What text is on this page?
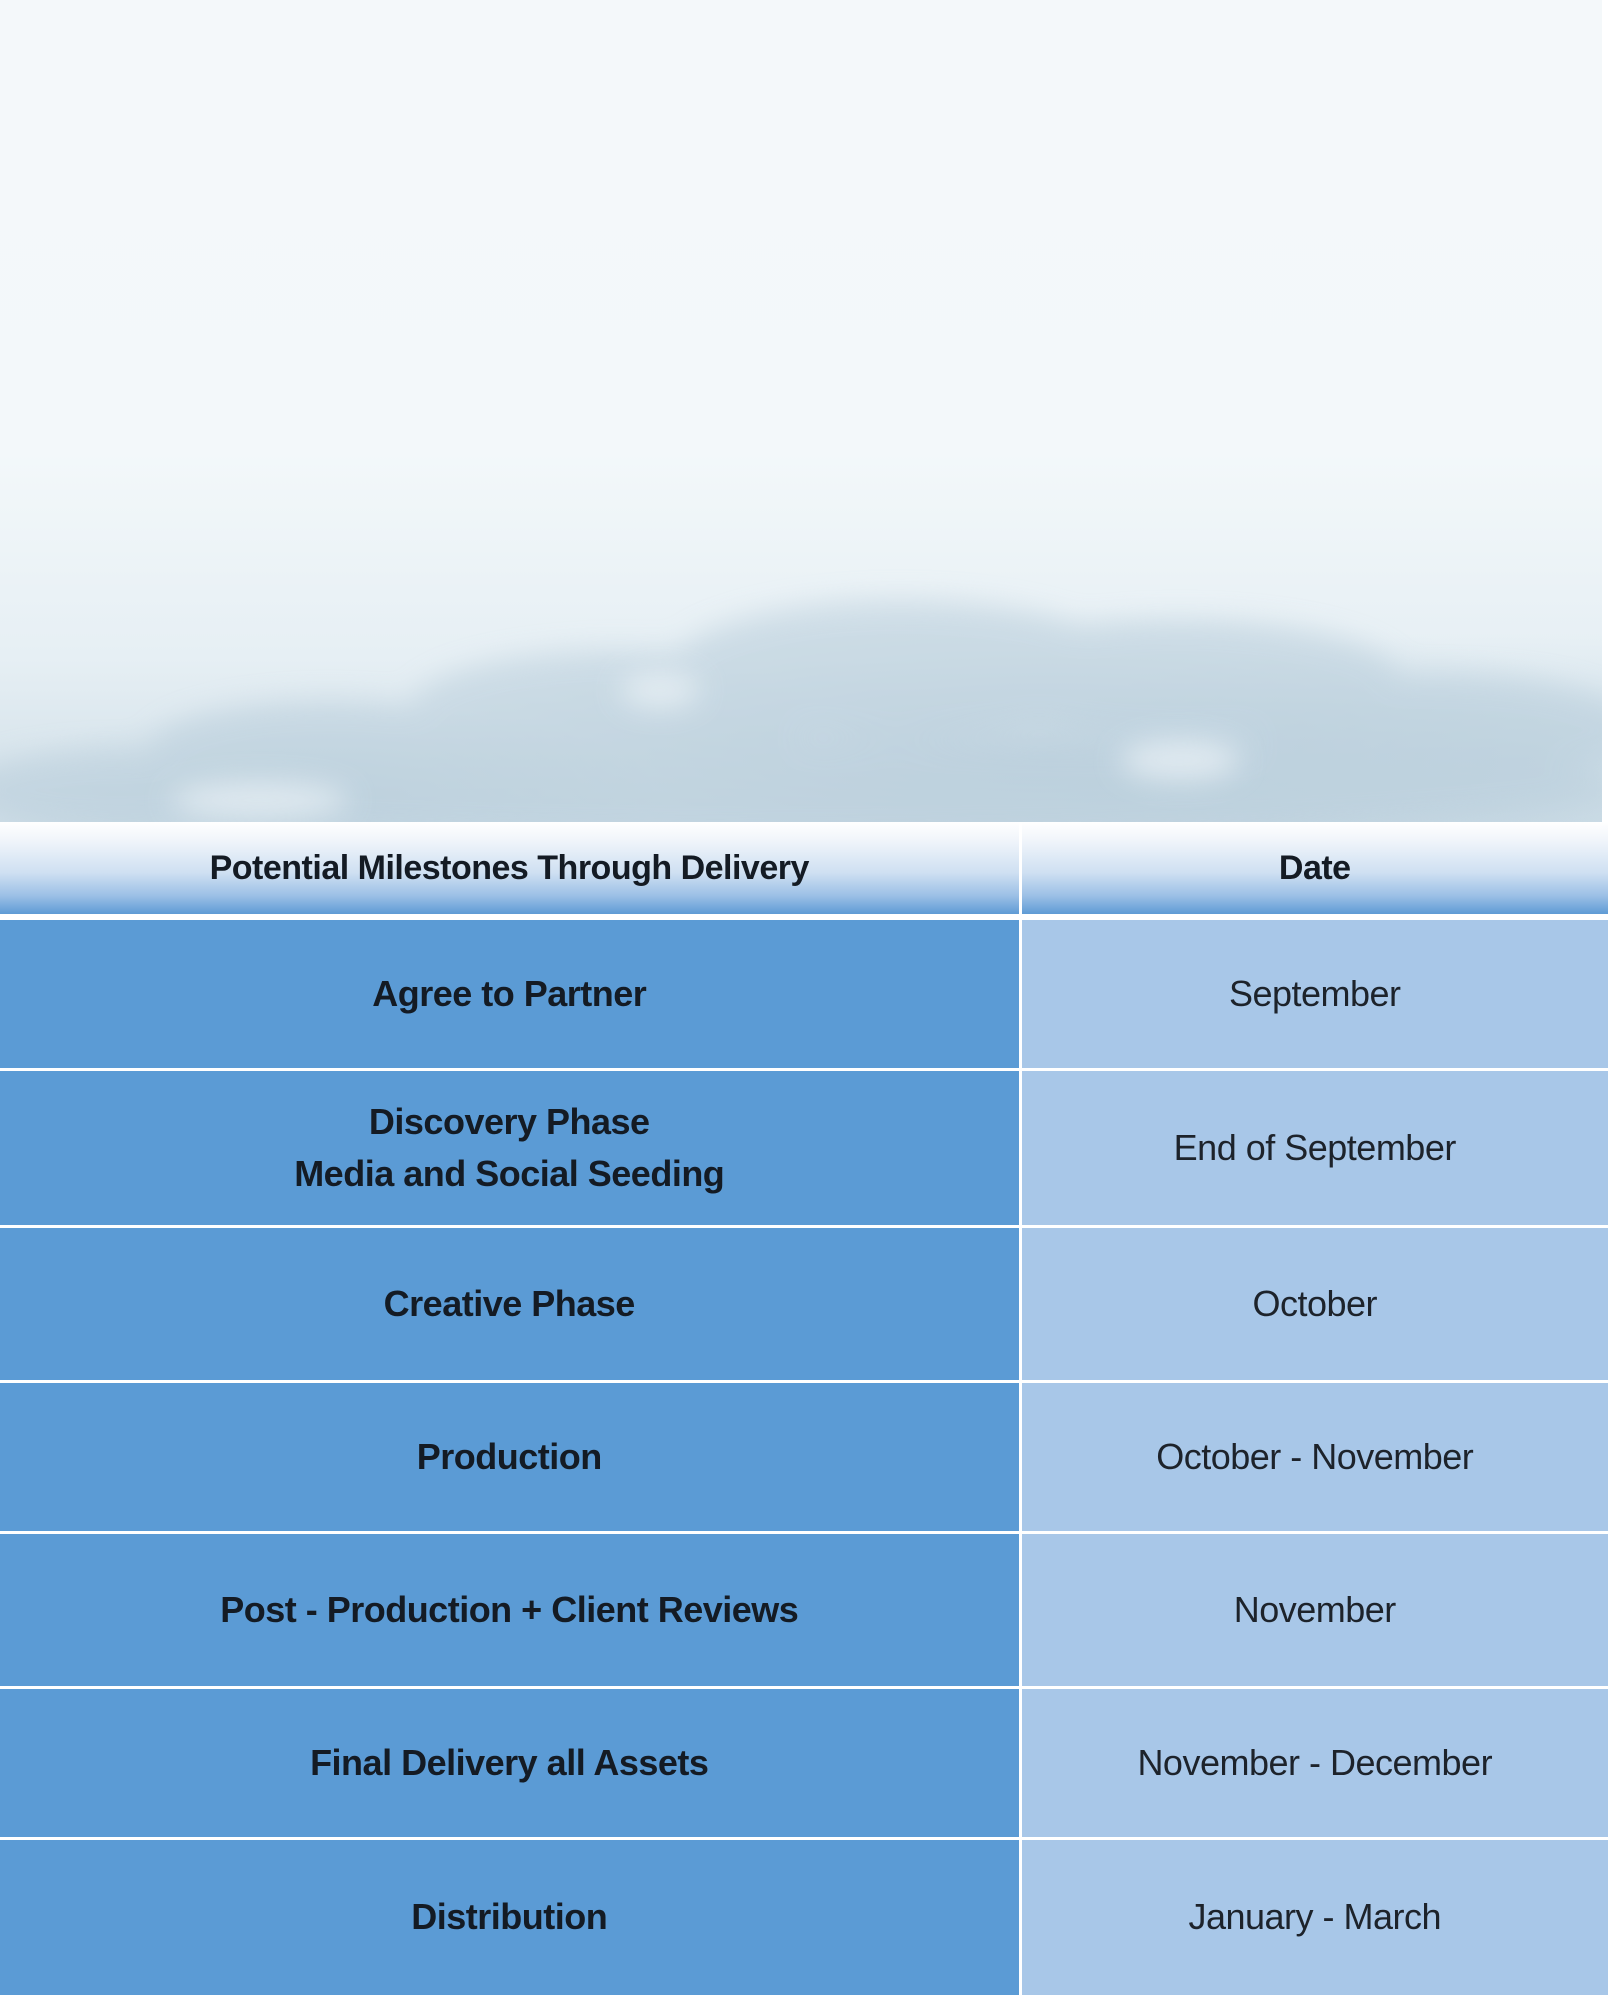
Potential Milestones Through Delivery	Date

Agree to Partner	September

Discovery Phase
Media and Social Seeding	End of September

Creative Phase	October

Production	October - November

Post - Production + Client Reviews	November

Final Delivery all Assets	November - December

Distribution	January - March
